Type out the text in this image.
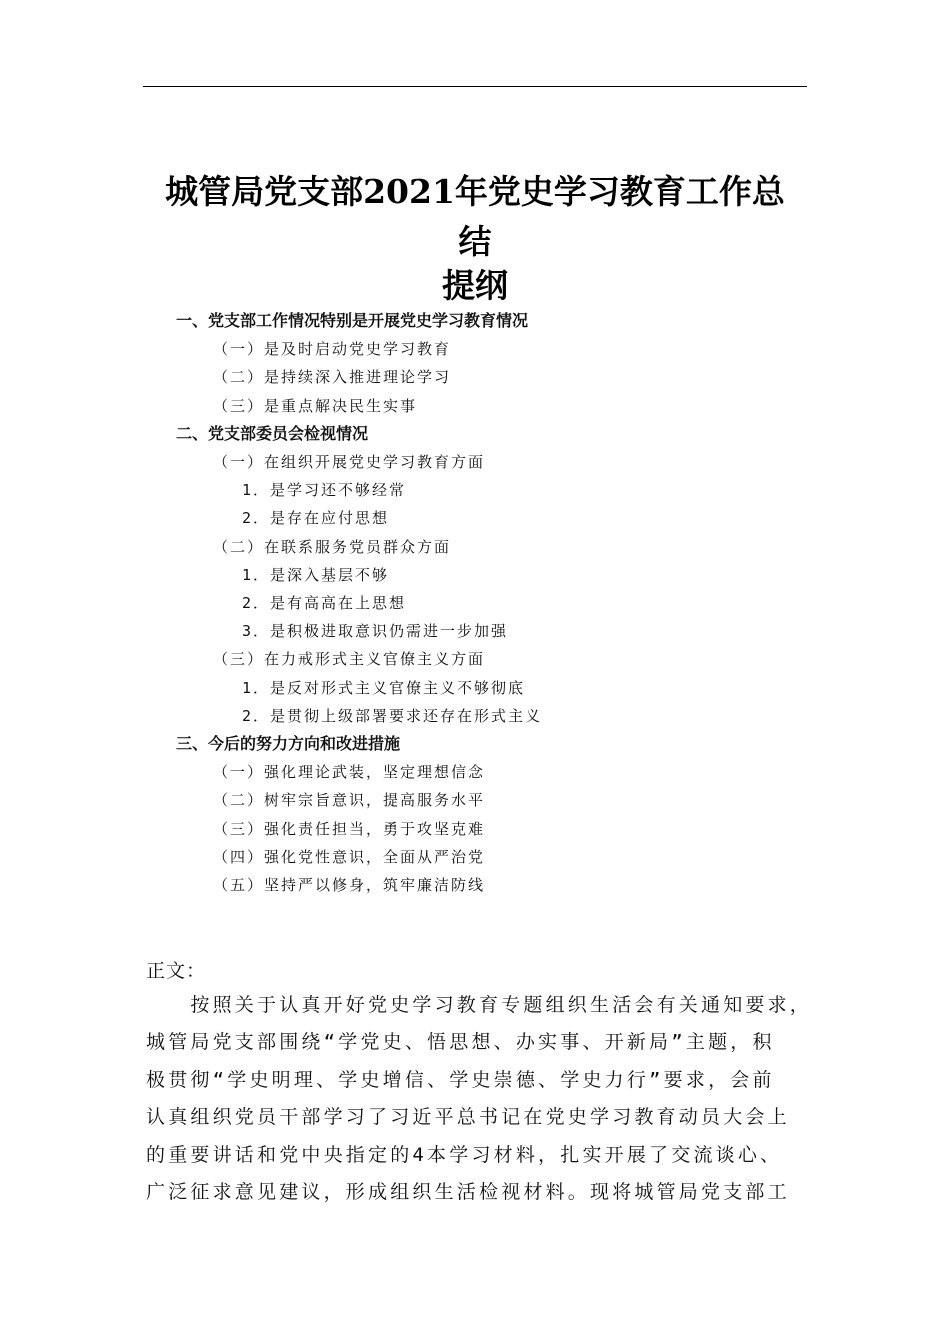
城管局党支部2021年党史学习教育工作总
结
提纲
一、党支部工作情况特别是开展党史学习教育情况
（一）是及时启动党史学习教育
（二）是持续深入推进理论学习
（三）是重点解决民生实事
二、党支部委员会检视情况
（一）在组织开展党史学习教育方面
1．是学习还不够经常
2．是存在应付思想
（二）在联系服务党员群众方面
1．是深入基层不够
2．是有高高在上思想
3．是积极进取意识仍需进一步加强
（三）在力戒形式主义官僚主义方面
1．是反对形式主义官僚主义不够彻底
2．是贯彻上级部署要求还存在形式主义
三、今后的努力方向和改进措施
（一）强化理论武装，坚定理想信念
（二）树牢宗旨意识，提高服务水平
（三）强化责任担当，勇于攻坚克难
（四）强化党性意识，全面从严治党
（五）坚持严以修身，筑牢廉洁防线
正文：
　　按照关于认真开好党史学习教育专题组织生活会有关通知要求，
城管局党支部围绕“学党史、悟思想、办实事、开新局”主题，积
极贯彻“学史明理、学史增信、学史崇德、学史力行”要求，会前
认真组织党员干部学习了习近平总书记在党史学习教育动员大会上
的重要讲话和党中央指定的4本学习材料，扎实开展了交流谈心、
广泛征求意见建议，形成组织生活检视材料。现将城管局党支部工
